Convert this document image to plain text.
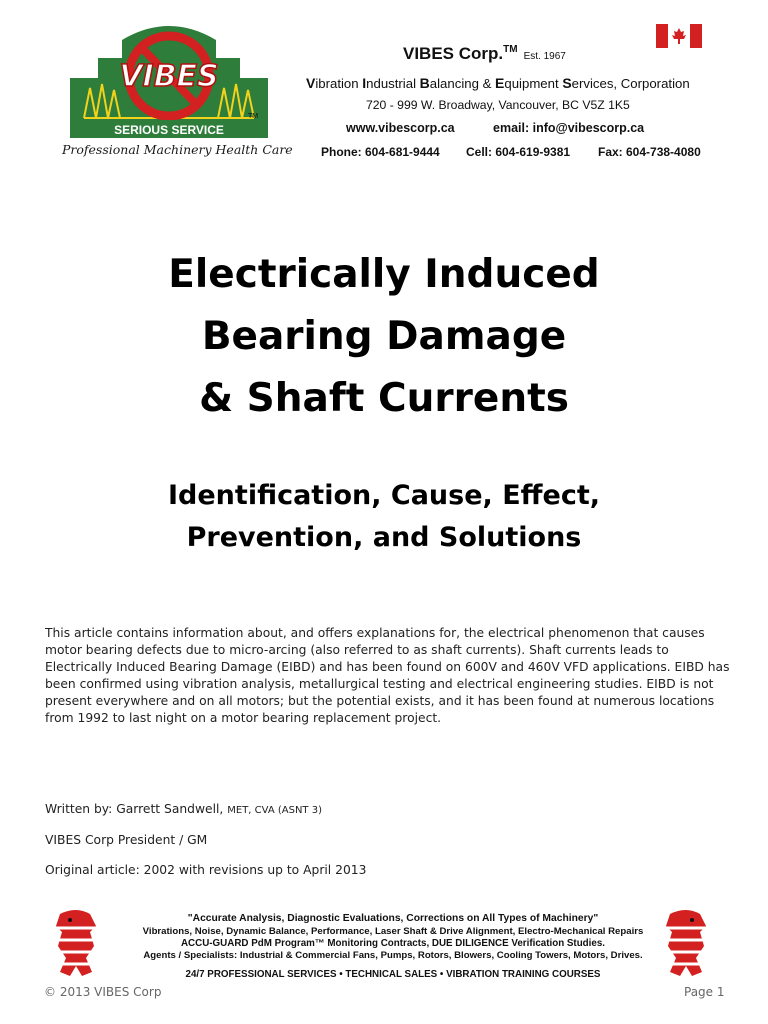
VIBES
SERIOUS SERVICE
TM
Professional Machinery Health Care
VIBES Corp.™Est. 1967
Vibration Industrial Balancing & Equipment Services, Corporation
720 - 999 W. Broadway, Vancouver, BC V5Z 1K5
www.vibescorp.ca	email: info@vibescorp.ca
Phone: 604-681-9444 Cell: 604-619-9381 Fax: 604-738-4080
Electrically Induced
Bearing Damage
& Shaft Currents
Identification, Cause, Effect,
Prevention, and Solutions

This article contains information about, and offers explanations for, the electrical phenomenon that causes motor bearing defects due to micro-arcing (also referred to as shaft currents). Shaft currents leads to Electrically Induced Bearing Damage (EIBD) and has been found on 600V and 460V VFD applications. EIBD has been confirmed using vibration analysis, metallurgical testing and electrical engineering studies. EIBD is not present everywhere and on all motors; but the potential exists, and it has been found at numerous locations from 1992 to last night on a motor bearing replacement project.

Written by: Garrett Sandwell, MET, CVA (ASNT 3)
VIBES Corp President / GM
Original article: 2002 with revisions up to April 2013
"Accurate Analysis, Diagnostic Evaluations, Corrections on All Types of Machinery"
Vibrations, Noise, Dynamic Balance, Performance, Laser Shaft & Drive Alignment, Electro-Mechanical Repairs
ACCU-GUARD PdM Program™ Monitoring Contracts, DUE DILIGENCE Verification Studies.
Agents / Specialists: Industrial & Commercial Fans, Pumps, Rotors, Blowers, Cooling Towers, Motors, Drives.
24/7 PROFESSIONAL SERVICES • TECHNICAL SALES • VIBRATION TRAINING COURSES
© 2013 VIBES Corp	Page 1
